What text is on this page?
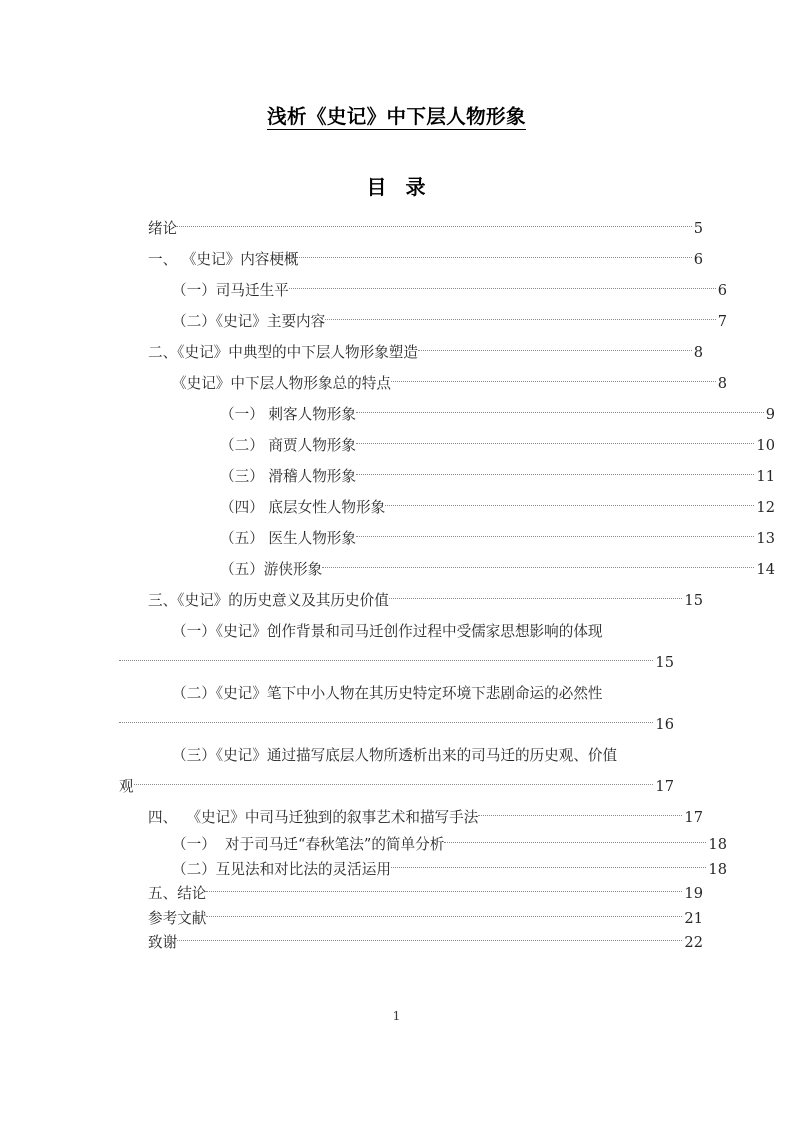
浅析《史记》中下层人物形象
目 录
绪论	5
一、 《史记》内容梗概	6
（一）司马迁生平	6
（二）《史记》主要内容	7
二、《史记》中典型的中下层人物形象塑造	8
《史记》中下层人物形象总的特点	8
（一） 刺客人物形象	9
（二） 商贾人物形象	10
（三） 滑稽人物形象	11
（四） 底层女性人物形象	12
（五） 医生人物形象	13
（五）游侠形象	14
三、《史记》的历史意义及其历史价值	15
（一）《史记》创作背景和司马迁创作过程中受儒家思想影响的体现
15
（二）《史记》笔下中小人物在其历史特定环境下悲剧命运的必然性
16
（三）《史记》通过描写底层人物所透析出来的司马迁的历史观、价值
观	17
四、  《史记》中司马迁独到的叙事艺术和描写手法	17
（一）  对于司马迁“春秋笔法”的简单分析	18
（二）互见法和对比法的灵活运用	18
五、结论	19
参考文献	21
致谢	22
1
